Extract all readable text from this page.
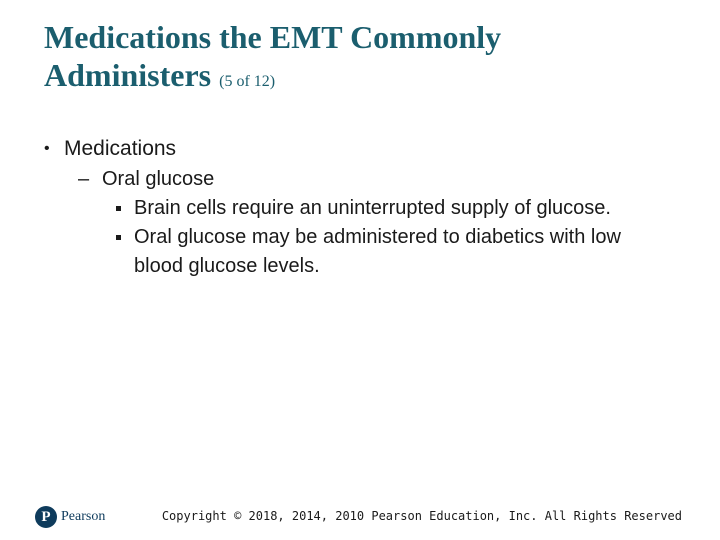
Medications the EMT Commonly
Administers (5 of 12)
• Medications
– Oral glucose
Brain cells require an uninterrupted supply of glucose.
Oral glucose may be administered to diabetics with low blood glucose levels.
P Pearson	Copyright © 2018, 2014, 2010 Pearson Education, Inc. All Rights Reserved
